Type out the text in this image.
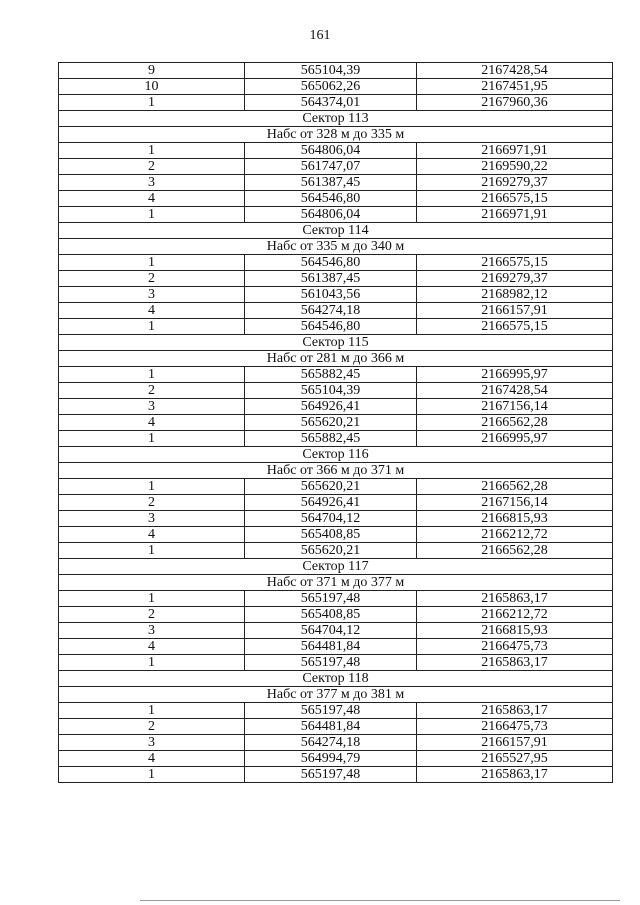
161
9	565104,39	2167428,54
10	565062,26	2167451,95
1	564374,01	2167960,36
Сектор 113		
Набс от 328 м до 335 м		
1	564806,04	2166971,91
2	561747,07	2169590,22
3	561387,45	2169279,37
4	564546,80	2166575,15
1	564806,04	2166971,91
Сектор 114		
Набс от 335 м до 340 м		
1	564546,80	2166575,15
2	561387,45	2169279,37
3	561043,56	2168982,12
4	564274,18	2166157,91
1	564546,80	2166575,15
Сектор 115		
Набс от 281 м до 366 м		
1	565882,45	2166995,97
2	565104,39	2167428,54
3	564926,41	2167156,14
4	565620,21	2166562,28
1	565882,45	2166995,97
Сектор 116		
Набс от 366 м до 371 м		
1	565620,21	2166562,28
2	564926,41	2167156,14
3	564704,12	2166815,93
4	565408,85	2166212,72
1	565620,21	2166562,28
Сектор 117		
Набс от 371 м до 377 м		
1	565197,48	2165863,17
2	565408,85	2166212,72
3	564704,12	2166815,93
4	564481,84	2166475,73
1	565197,48	2165863,17
Сектор 118		
Набс от 377 м до 381 м		
1	565197,48	2165863,17
2	564481,84	2166475,73
3	564274,18	2166157,91
4	564994,79	2165527,95
1	565197,48	2165863,17
